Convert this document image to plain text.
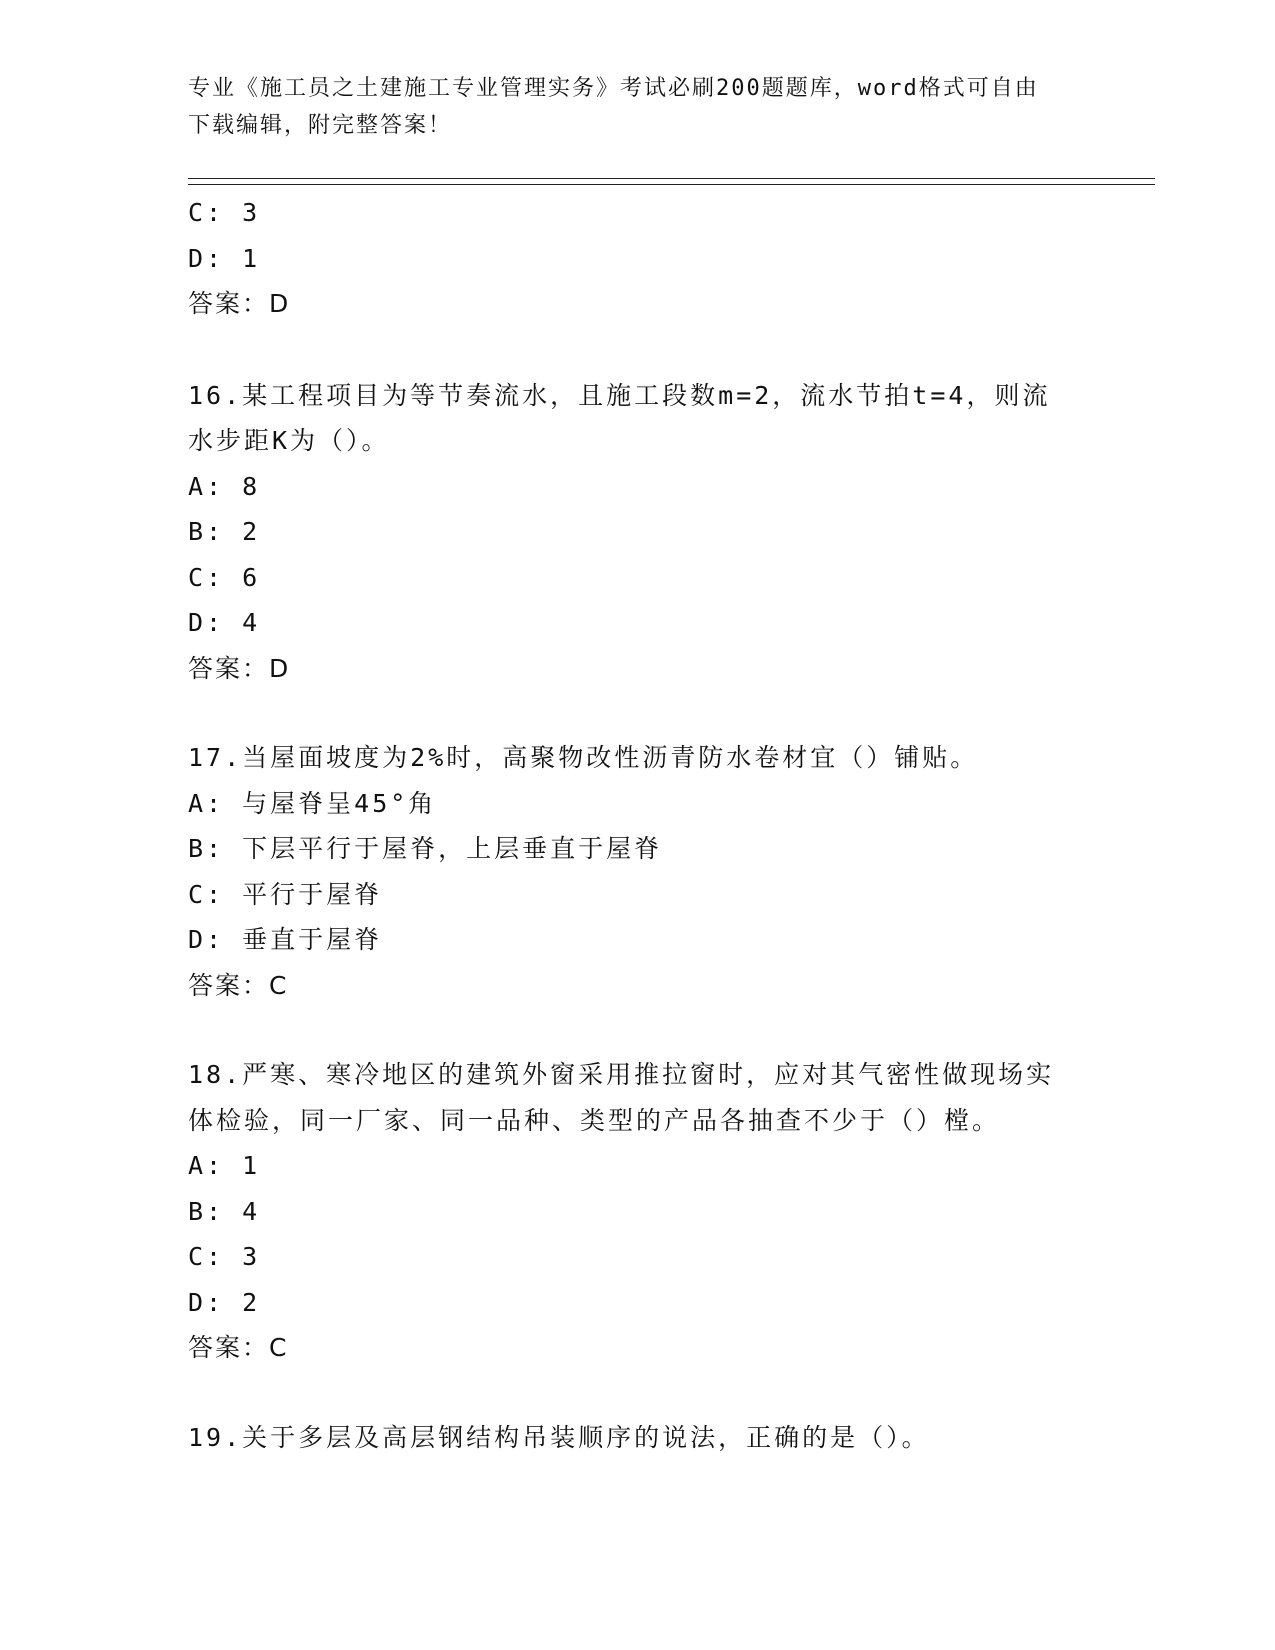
专业《施工员之土建施工专业管理实务》考试必刷200题题库，word格式可自由
下载编辑，附完整答案！
C: 3
D: 1
答案：D
16.某工程项目为等节奏流水，且施工段数m=2，流水节拍t=4，则流
水步距K为（）。
A: 8
B: 2
C: 6
D: 4
答案：D
17.当屋面坡度为2%时，高聚物改性沥青防水卷材宜（）铺贴。
A: 与屋脊呈45°角
B: 下层平行于屋脊，上层垂直于屋脊
C: 平行于屋脊
D: 垂直于屋脊
答案：C
18.严寒、寒冷地区的建筑外窗采用推拉窗时，应对其气密性做现场实
体检验，同一厂家、同一品种、类型的产品各抽查不少于（）樘。
A: 1
B: 4
C: 3
D: 2
答案：C
19.关于多层及高层钢结构吊装顺序的说法，正确的是（）。
